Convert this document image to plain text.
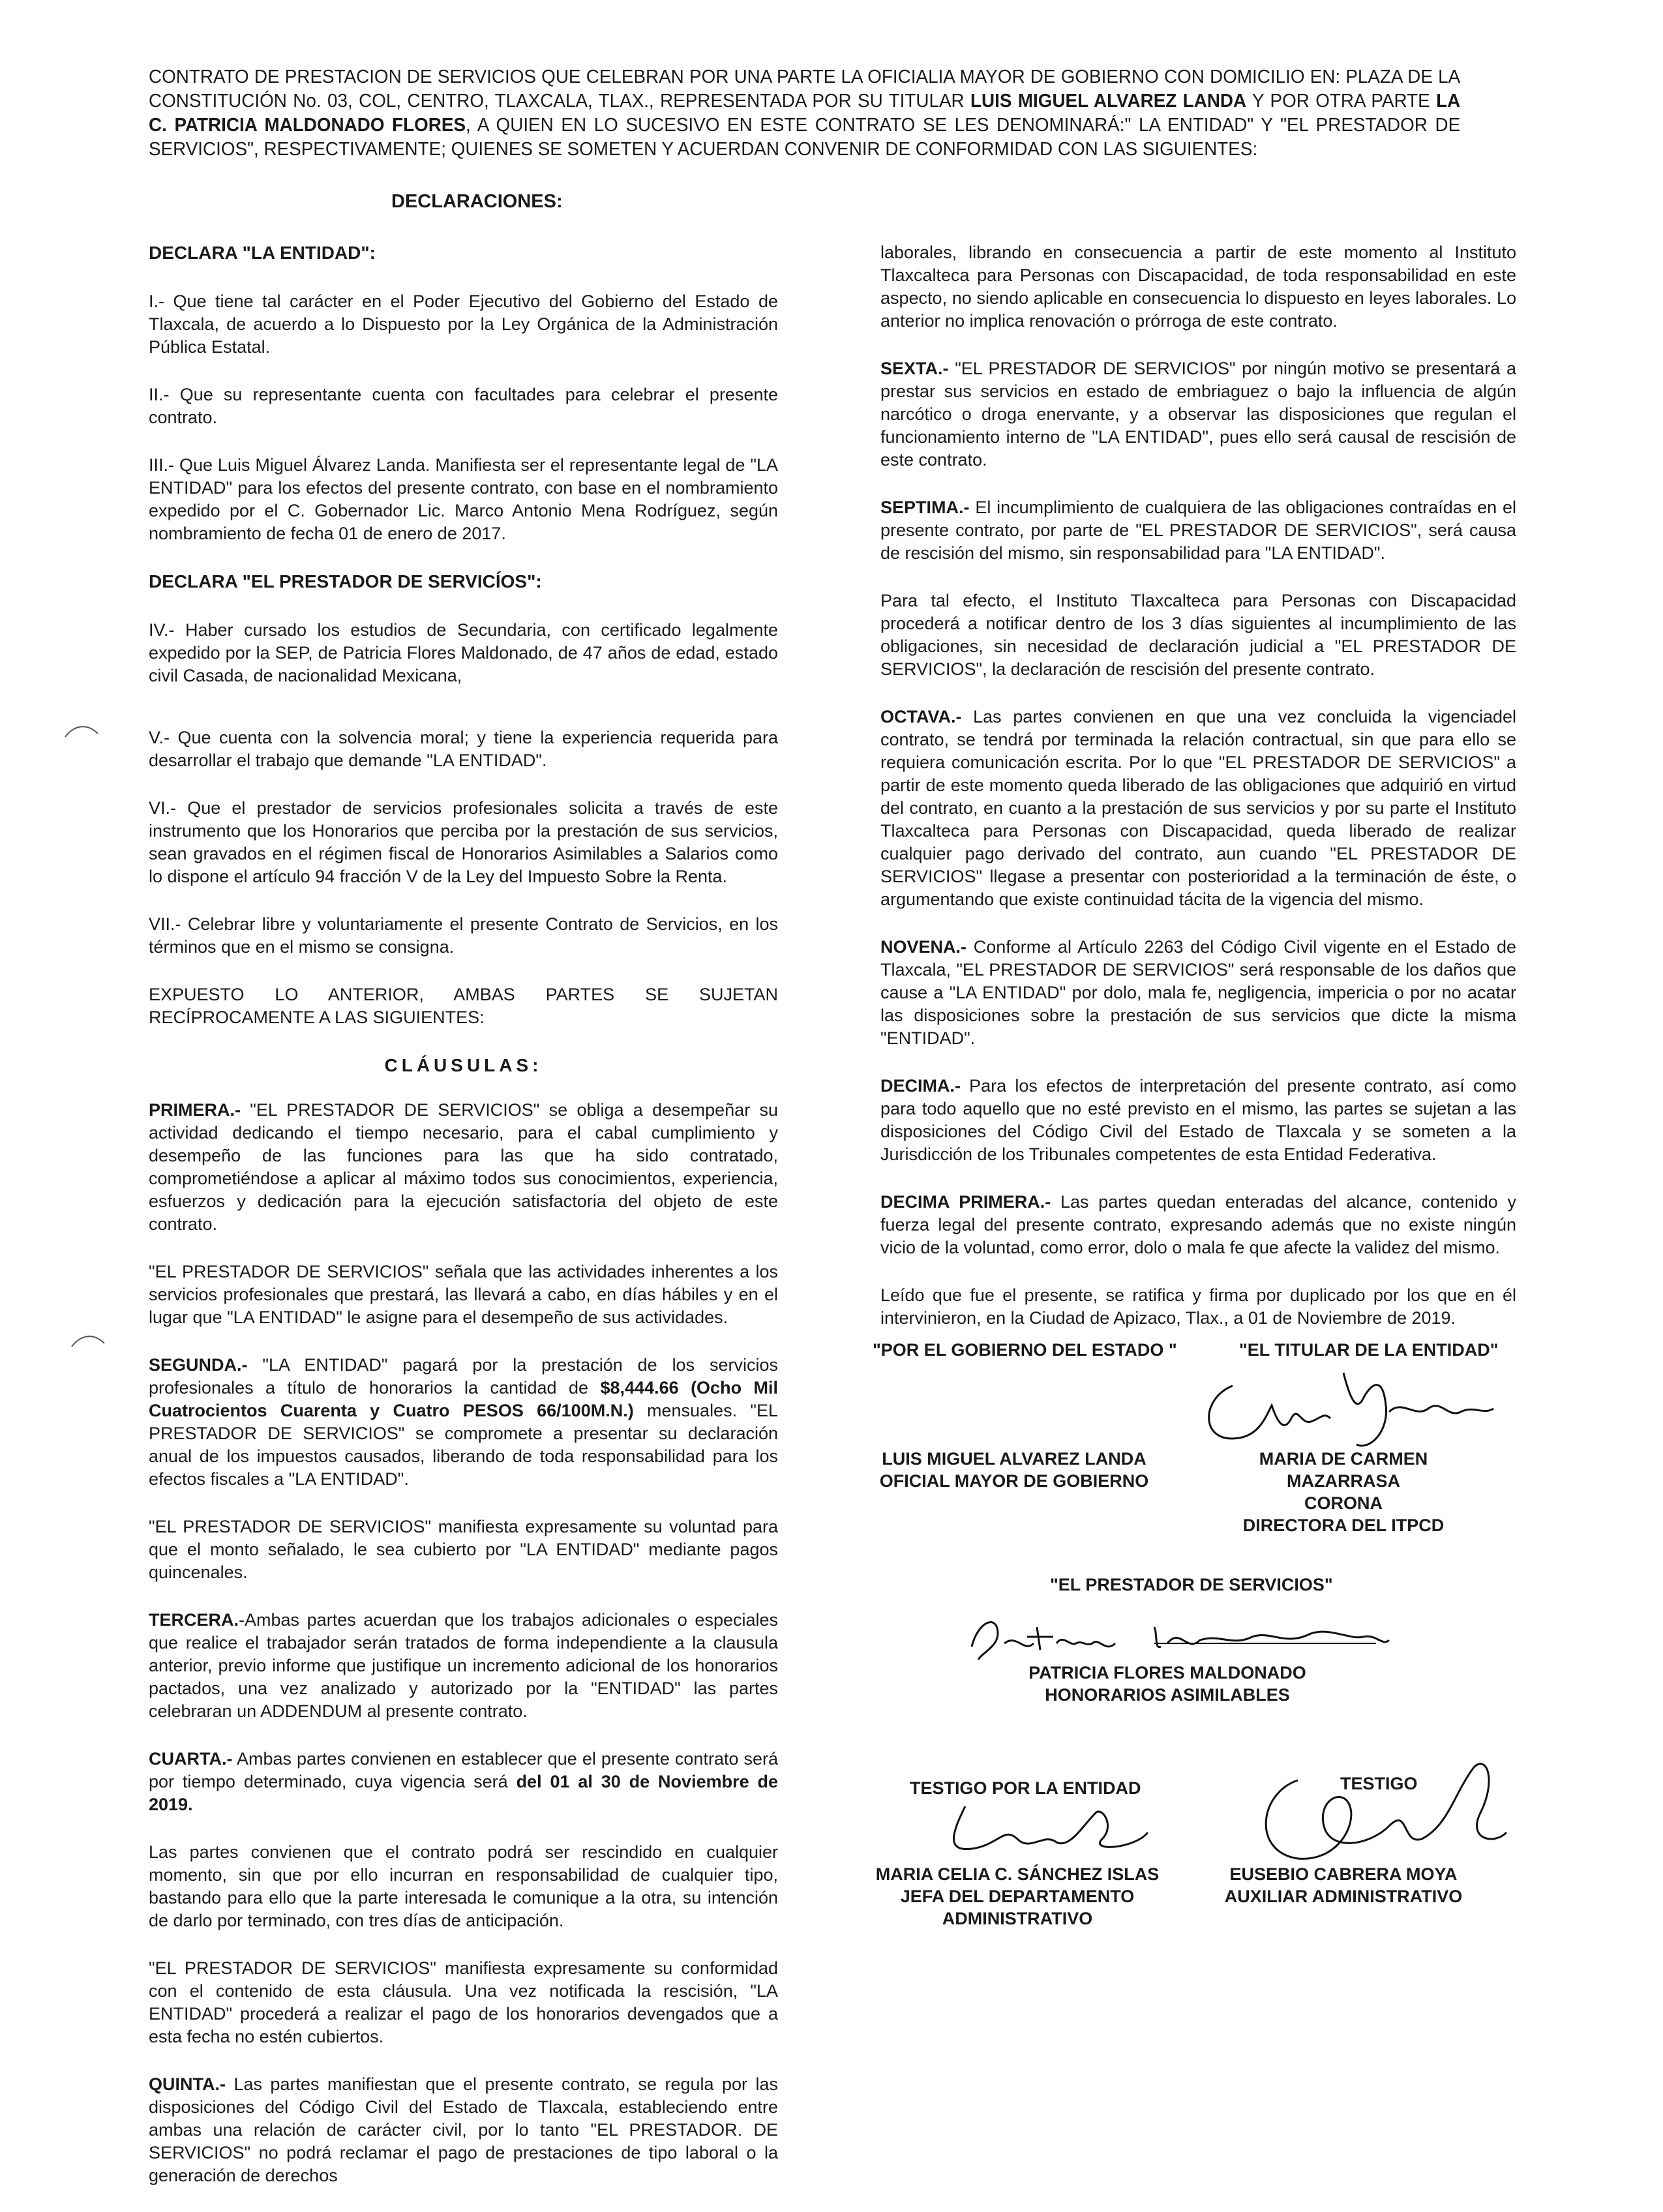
CONTRATO DE PRESTACION DE SERVICIOS QUE CELEBRAN POR UNA PARTE LA OFICIALIA MAYOR DE GOBIERNO CON DOMICILIO EN: PLAZA DE LA CONSTITUCIÓN No. 03, COL, CENTRO, TLAXCALA, TLAX., REPRESENTADA POR SU TITULAR LUIS MIGUEL ALVAREZ LANDA Y POR OTRA PARTE LA C. PATRICIA MALDONADO FLORES, A QUIEN EN LO SUCESIVO EN ESTE CONTRATO SE LES DENOMINARÁ:" LA ENTIDAD" Y "EL PRESTADOR DE SERVICIOS", RESPECTIVAMENTE; QUIENES SE SOMETEN Y ACUERDAN CONVENIR DE CONFORMIDAD CON LAS SIGUIENTES:

DECLARACIONES:

DECLARA "LA ENTIDAD":

I.- Que tiene tal carácter en el Poder Ejecutivo del Gobierno del Estado de Tlaxcala, de acuerdo a lo Dispuesto por la Ley Orgánica de la Administración Pública Estatal.

II.- Que su representante cuenta con facultades para celebrar el presente contrato.

III.- Que Luis Miguel Álvarez Landa. Manifiesta ser el representante legal de "LA ENTIDAD" para los efectos del presente contrato, con base en el nombramiento expedido por el C. Gobernador Lic. Marco Antonio Mena Rodríguez, según nombramiento de fecha 01 de enero de 2017.

DECLARA "EL PRESTADOR DE SERVICÍOS":

IV.- Haber cursado los estudios de Secundaria, con certificado legalmente expedido por la SEP, de Patricia Flores Maldonado, de 47 años de edad, estado civil Casada, de nacionalidad Mexicana,

V.- Que cuenta con la solvencia moral; y tiene la experiencia requerida para desarrollar el trabajo que demande "LA ENTIDAD".

VI.- Que el prestador de servicios profesionales solicita a través de este instrumento que los Honorarios que perciba por la prestación de sus servicios, sean gravados en el régimen fiscal de Honorarios Asimilables a Salarios como lo dispone el artículo 94 fracción V de la Ley del Impuesto Sobre la Renta.

VII.- Celebrar libre y voluntariamente el presente Contrato de Servicios, en los términos que en el mismo se consigna.

EXPUESTO LO ANTERIOR, AMBAS PARTES SE SUJETAN RECÍPROCAMENTE A LAS SIGUIENTES:

CLÁUSULAS:

PRIMERA.- "EL PRESTADOR DE SERVICIOS" se obliga a desempeñar su actividad dedicando el tiempo necesario, para el cabal cumplimiento y desempeño de las funciones para las que ha sido contratado, comprometiéndose a aplicar al máximo todos sus conocimientos, experiencia, esfuerzos y dedicación para la ejecución satisfactoria del objeto de este contrato.

"EL PRESTADOR DE SERVICIOS" señala que las actividades inherentes a los servicios profesionales que prestará, las llevará a cabo, en días hábiles y en el lugar que "LA ENTIDAD" le asigne para el desempeño de sus actividades.

SEGUNDA.- "LA ENTIDAD" pagará por la prestación de los servicios profesionales a título de honorarios la cantidad de $8,444.66 (Ocho Mil Cuatrocientos Cuarenta y Cuatro PESOS 66/100M.N.) mensuales. "EL PRESTADOR DE SERVICIOS" se compromete a presentar su declaración anual de los impuestos causados, liberando de toda responsabilidad para los efectos fiscales a "LA ENTIDAD".

"EL PRESTADOR DE SERVICIOS" manifiesta expresamente su voluntad para que el monto señalado, le sea cubierto por "LA ENTIDAD" mediante pagos quincenales.

TERCERA.-Ambas partes acuerdan que los trabajos adicionales o especiales que realice el trabajador serán tratados de forma independiente a la clausula anterior, previo informe que justifique un incremento adicional de los honorarios pactados, una vez analizado y autorizado por la "ENTIDAD" las partes celebraran un ADDENDUM al presente contrato.

CUARTA.- Ambas partes convienen en establecer que el presente contrato será por tiempo determinado, cuya vigencia será del 01 al 30 de Noviembre de 2019.

Las partes convienen que el contrato podrá ser rescindido en cualquier momento, sin que por ello incurran en responsabilidad de cualquier tipo, bastando para ello que la parte interesada le comunique a la otra, su intención de darlo por terminado, con tres días de anticipación.

"EL PRESTADOR DE SERVICIOS" manifiesta expresamente su conformidad con el contenido de esta cláusula. Una vez notificada la rescisión, "LA ENTIDAD" procederá a realizar el pago de los honorarios devengados que a esta fecha no estén cubiertos.

QUINTA.- Las partes manifiestan que el presente contrato, se regula por las disposiciones del Código Civil del Estado de Tlaxcala, estableciendo entre ambas una relación de carácter civil, por lo tanto "EL PRESTADOR. DE SERVICIOS" no podrá reclamar el pago de prestaciones de tipo laboral o la generación de derechos

laborales, librando en consecuencia a partir de este momento al Instituto Tlaxcalteca para Personas con Discapacidad, de toda responsabilidad en este aspecto, no siendo aplicable en consecuencia lo dispuesto en leyes laborales. Lo anterior no implica renovación o prórroga de este contrato.

SEXTA.- "EL PRESTADOR DE SERVICIOS" por ningún motivo se presentará a prestar sus servicios en estado de embriaguez o bajo la influencia de algún narcótico o droga enervante, y a observar las disposiciones que regulan el funcionamiento interno de "LA ENTIDAD", pues ello será causal de rescisión de este contrato.

SEPTIMA.- El incumplimiento de cualquiera de las obligaciones contraídas en el presente contrato, por parte de "EL PRESTADOR DE SERVICIOS", será causa de rescisión del mismo, sin responsabilidad para "LA ENTIDAD".

Para tal efecto, el Instituto Tlaxcalteca para Personas con Discapacidad procederá a notificar dentro de los 3 días siguientes al incumplimiento de las obligaciones, sin necesidad de declaración judicial a "EL PRESTADOR DE SERVICIOS", la declaración de rescisión del presente contrato.

OCTAVA.- Las partes convienen en que una vez concluida la vigenciadel contrato, se tendrá por terminada la relación contractual, sin que para ello se requiera comunicación escrita. Por lo que "EL PRESTADOR DE SERVICIOS" a partir de este momento queda liberado de las obligaciones que adquirió en virtud del contrato, en cuanto a la prestación de sus servicios y por su parte el Instituto Tlaxcalteca para Personas con Discapacidad, queda liberado de realizar cualquier pago derivado del contrato, aun cuando "EL PRESTADOR DE SERVICIOS" llegase a presentar con posterioridad a la terminación de éste, o argumentando que existe continuidad tácita de la vigencia del mismo.

NOVENA.- Conforme al Artículo 2263 del Código Civil vigente en el Estado de Tlaxcala, "EL PRESTADOR DE SERVICIOS" será responsable de los daños que cause a "LA ENTIDAD" por dolo, mala fe, negligencia, impericia o por no acatar las disposiciones sobre la prestación de sus servicios que dicte la misma "ENTIDAD".

DECIMA.- Para los efectos de interpretación del presente contrato, así como para todo aquello que no esté previsto en el mismo, las partes se sujetan a las disposiciones del Código Civil del Estado de Tlaxcala y se someten a la Jurisdicción de los Tribunales competentes de esta Entidad Federativa.

DECIMA PRIMERA.- Las partes quedan enteradas del alcance, contenido y fuerza legal del presente contrato, expresando además que no existe ningún vicio de la voluntad, como error, dolo o mala fe que afecte la validez del mismo.

Leído que fue el presente, se ratifica y firma por duplicado por los que en él intervinieron, en la Ciudad de Apizaco, Tlax., a 01 de Noviembre de 2019.

"POR EL GOBIERNO DEL ESTADO "	"EL TITULAR DE LA ENTIDAD"
LUIS MIGUEL ALVAREZ LANDA
OFICIAL MAYOR DE GOBIERNO
MARIA DE CARMEN MAZARRASA
CORONA
DIRECTORA DEL ITPCD
"EL PRESTADOR DE SERVICIOS"
PATRICIA FLORES MALDONADO
HONORARIOS ASIMILABLES
TESTIGO POR LA ENTIDAD	TESTIGO
MARIA CELIA C. SÁNCHEZ ISLAS
JEFA DEL DEPARTAMENTO
ADMINISTRATIVO
EUSEBIO CABRERA MOYA
AUXILIAR ADMINISTRATIVO
